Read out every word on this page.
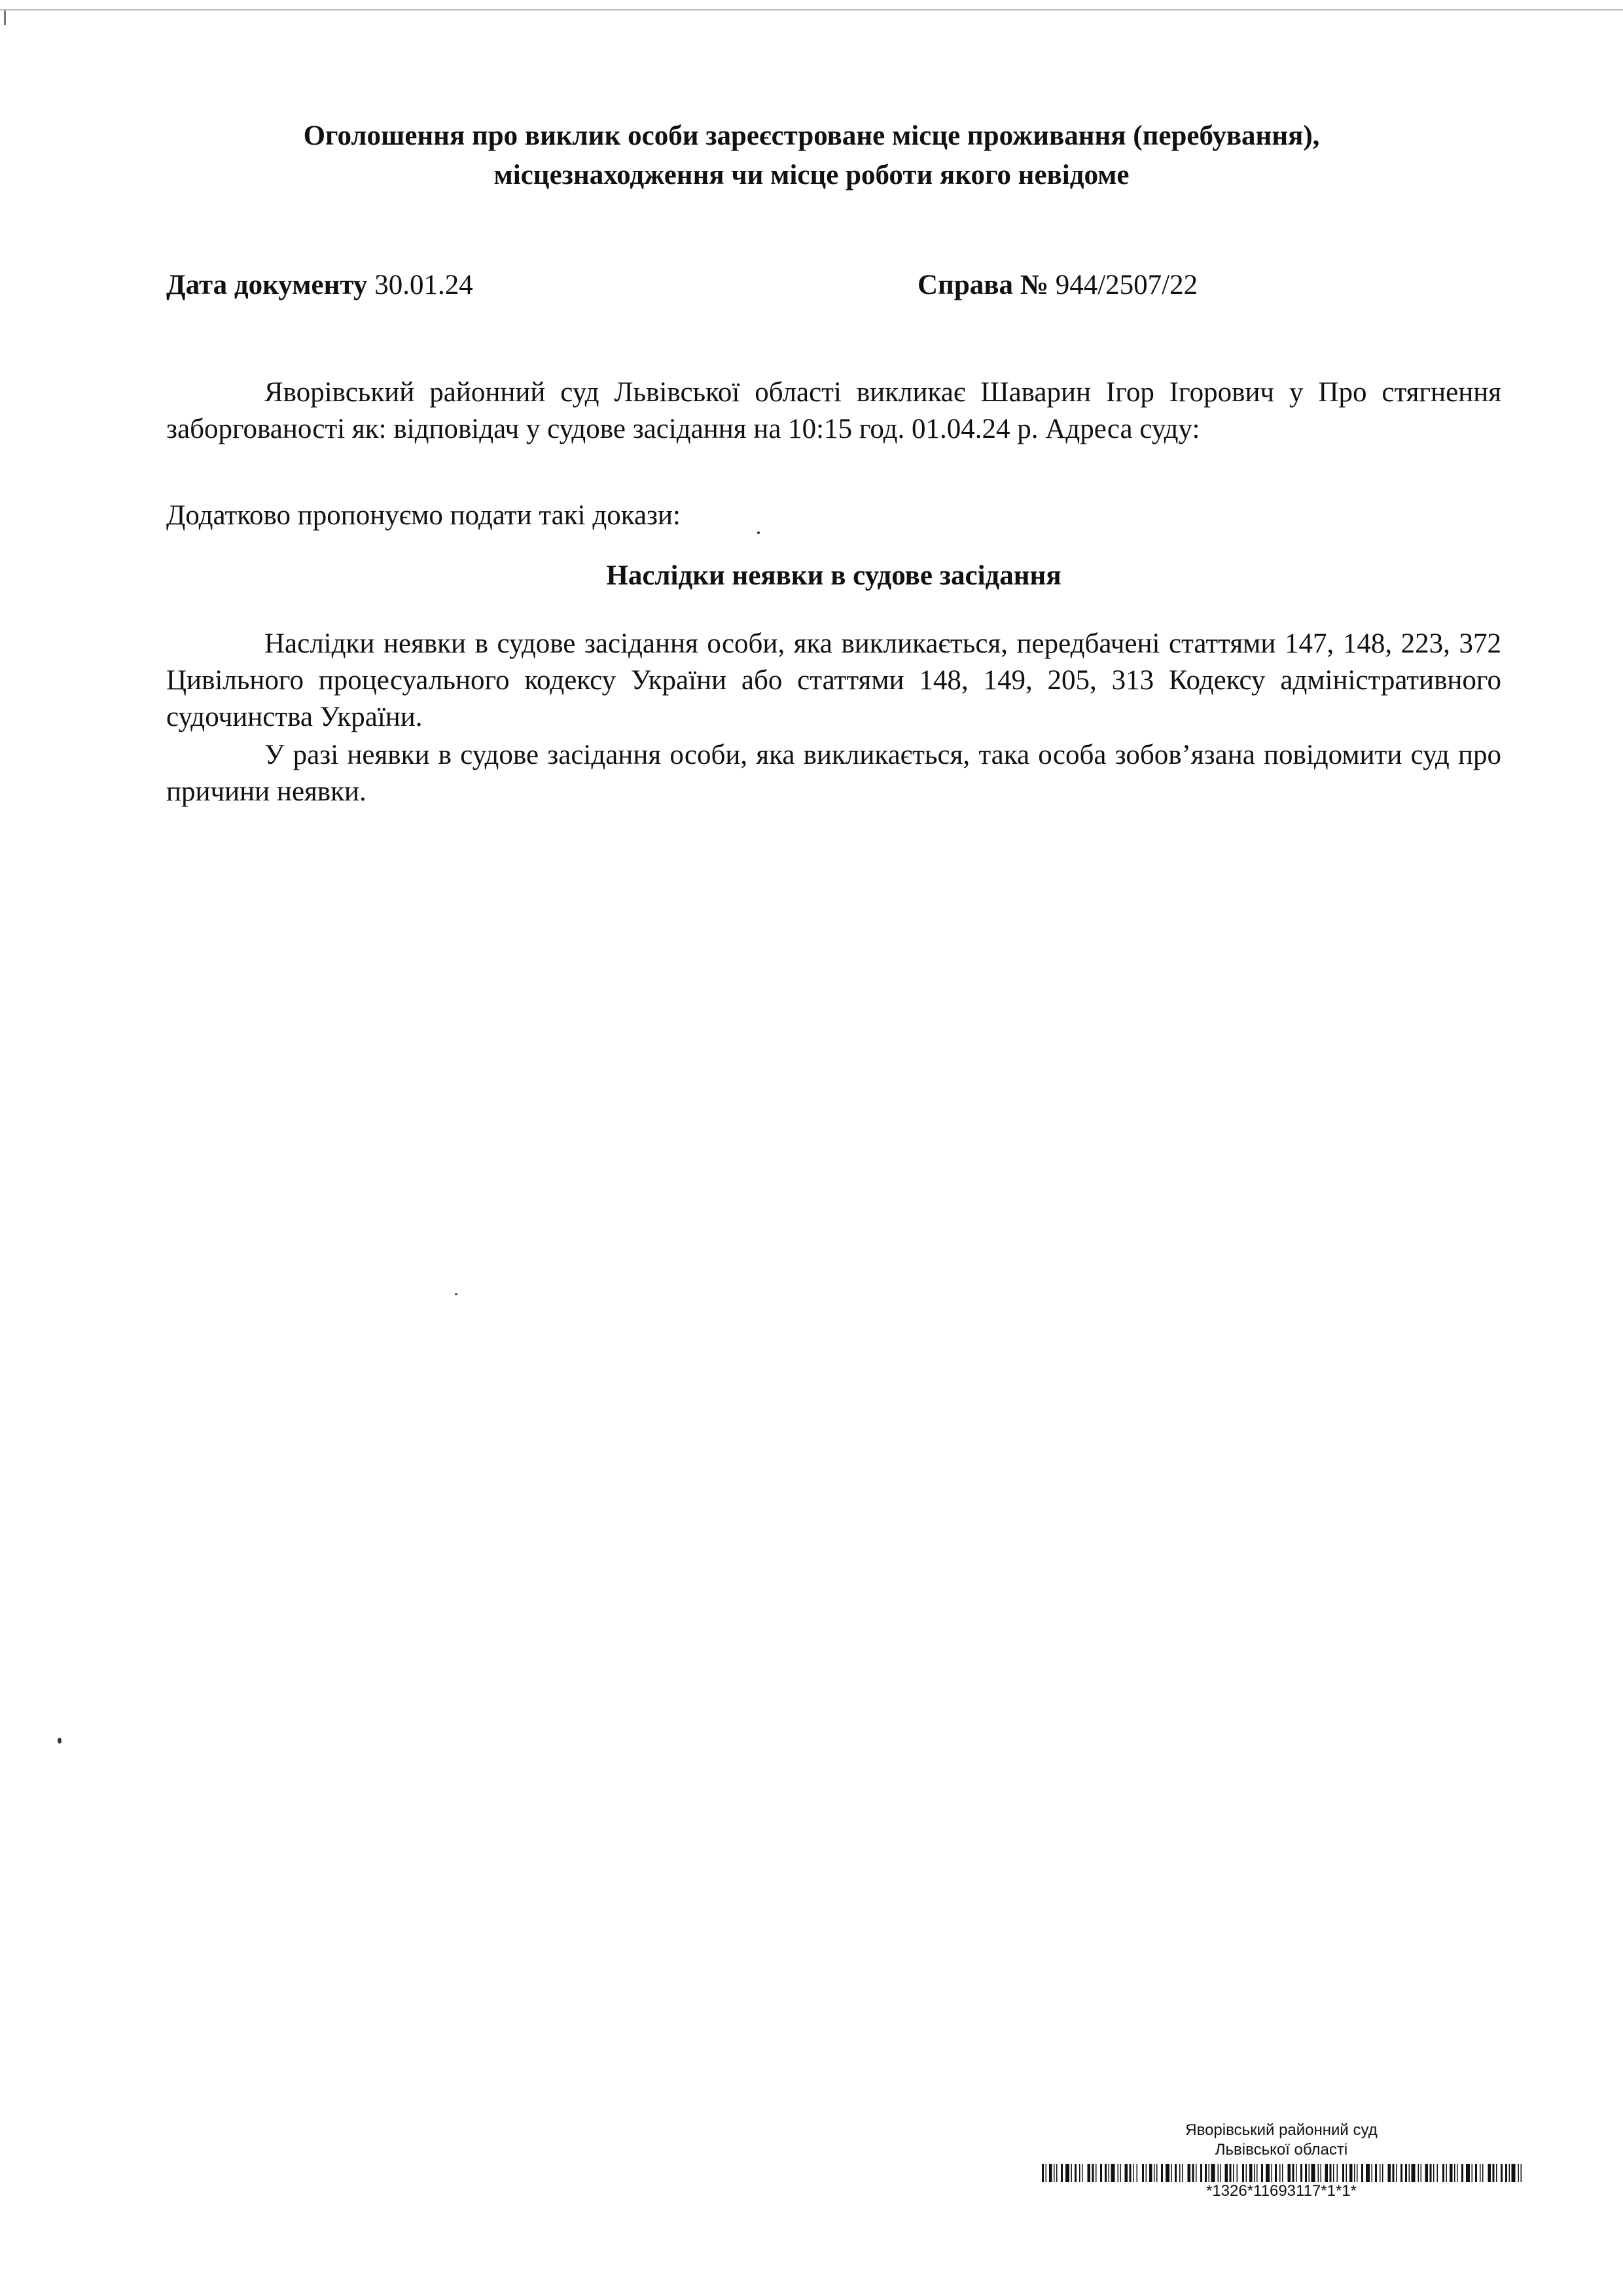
Оголошення про виклик особи зареєстроване місце проживання (перебування),
місцезнаходження чи місце роботи якого невідоме
Дата документу 30.01.24	Справа № 944/2507/22

Яворівський районний суд Львівської області викликає Шаварин Ігор Ігорович у Про стягнення заборгованості як: відповідач у судове засідання на 10:15 год. 01.04.24 р. Адреса суду:

Додатково пропонуємо подати такі докази:

Наслідки неявки в судове засідання

Наслідки неявки в судове засідання особи, яка викликається, передбачені статтями 147, 148, 223, 372 Цивільного процесуального кодексу України або статтями 148, 149, 205, 313 Кодексу адміністративного судочинства України.

У разі неявки в судове засідання особи, яка викликається, така особа зобов’язана повідомити суд про причини неявки.

Яворівський районний суд
Львівської області
*1326*11693117*1*1*
